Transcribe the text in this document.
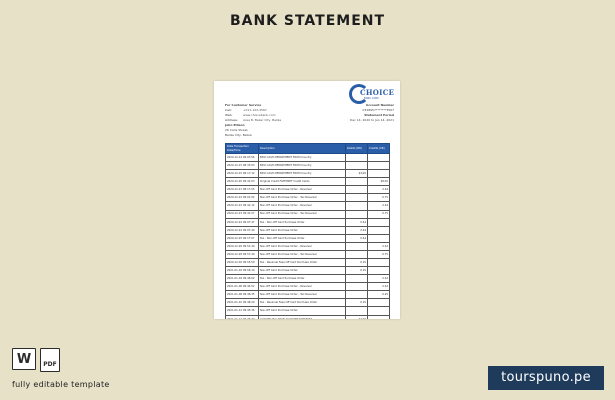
BANK STATEMENT
CHOICE
BANK CORP
For Customer Service
Call:	+011-123-4567
Web:	www.choicebank.com
Address:	Area B, Baker City, Belize
John Ellison
26 Carls Street,
Belize City, Belize
Account Number
0328957*******3567
Statement Period
Dec 14, 2020 to Jan 14, 2021
Date Transaction Date/Time	Description	Debits (DR)	Credits (CR)
2020-12-14 09:03:56	BDO CASH DEPARTMENT FROM Country		
2020-12-15 08:33:03	BDO CASH DEPARTMENT FROM Country		
2020-12-15 09:17:12	BDO CASH DEPARTMENT FROM Country	$3.00	
2020-12-20 09:41:03	Original Credit FLEETNET Credit Cards		$8.00
2020-12-21 08:17:05	Non-Off Card Purchase Order - Reversal		2.44
2020-12-22 09:01:02	Non-Off Card Purchase Order - Tax Reversal		0.75
2020-12-22 09:41:12	Non-Off Card Purchase Order - Reversal		2.44
2020-12-23 09:41:27	Non-Off Card Purchase Order - Tax Reversal		0.75
2020-12-24 09:07:47	Tax - Non-Off Card Purchase Order	0.44	
2020-12-24 09:07:40	Non-Off Card Purchase Order	2.44	
2020-12-25 09:17:07	Tax - Non-Off Card Purchase Order	0.44	
2020-12-26 09:51:40	Non-Off Card Purchase Order - Reversal		2.44
2020-12-28 09:57:40	Non-Off Card Purchase Order - Tax Reversal		0.75
2020-12-30 09:55:50	Tax - Reversal Fees Off Card Purchase Order	0.25	
2021-01-02 09:56:10	Non-Off Card Purchase Order	0.25	
2021-01-04 09:46:02	Tax - Non-Off Card Purchase Order		2.44
2021-01-06 09:44:52	Non-Off Card Purchase Order - Reversal		2.44
2021-01-08 09:46:35	Non-Off Card Purchase Order - Tax Reversal		0.25
2021-01-10 09:46:29	Tax - Reversal Fees Off Card Purchase Order	0.25	
2021-01-12 09:45:36	Non-Off Card Purchase Order		
2021-01-14 09:45:30	CLOSING BALANCE ACCOUNT *****3567	47.00	
W	PDF
fully editable template	tourspuno.pe
